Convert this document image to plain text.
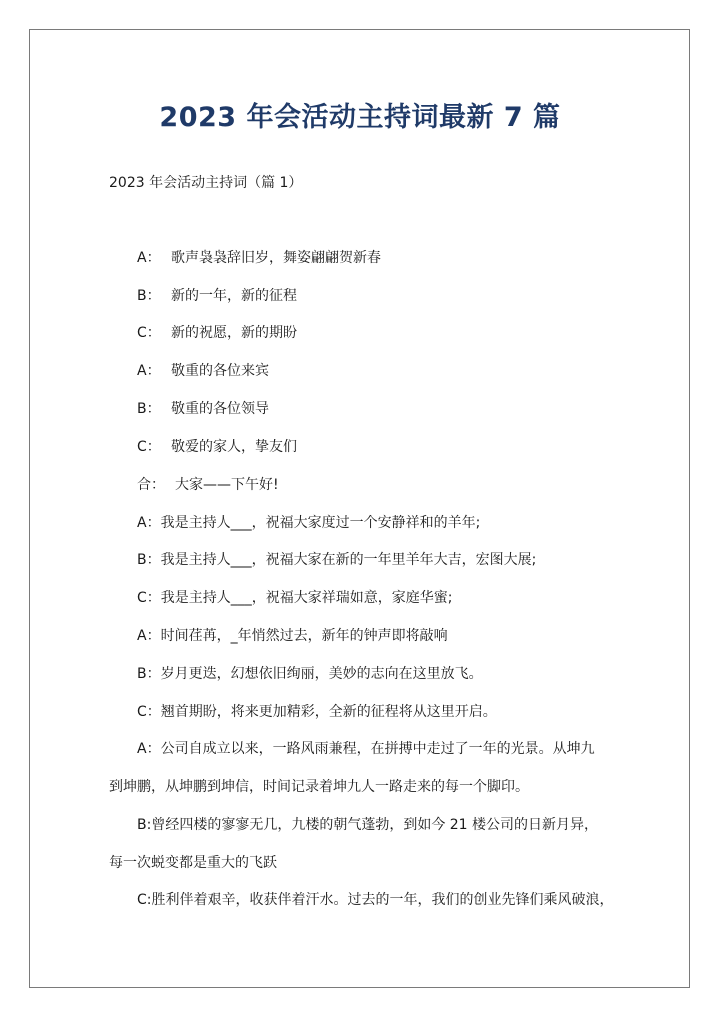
2023 年会活动主持词最新 7 篇
2023 年会活动主持词（篇 1）
A： 歌声袅袅辞旧岁，舞姿翩翩贺新春
B： 新的一年，新的征程
C： 新的祝愿，新的期盼
A： 敬重的各位来宾
B： 敬重的各位领导
C： 敬爱的家人，挚友们
合： 大家——下午好!
A：我是主持人___，祝福大家度过一个安静祥和的羊年;
B：我是主持人___，祝福大家在新的一年里羊年大吉，宏图大展;
C：我是主持人___，祝福大家祥瑞如意，家庭华蜜;
A：时间荏苒，_年悄然过去，新年的钟声即将敲响
B：岁月更迭，幻想依旧绚丽，美妙的志向在这里放飞。
C：翘首期盼，将来更加精彩，全新的征程将从这里开启。
A：公司自成立以来，一路风雨兼程，在拼搏中走过了一年的光景。从坤九
到坤鹏，从坤鹏到坤信，时间记录着坤九人一路走来的每一个脚印。
B:曾经四楼的寥寥无几，九楼的朝气蓬勃，到如今 21 楼公司的日新月异，
每一次蜕变都是重大的飞跃
C:胜利伴着艰辛，收获伴着汗水。过去的一年，我们的创业先锋们乘风破浪，
